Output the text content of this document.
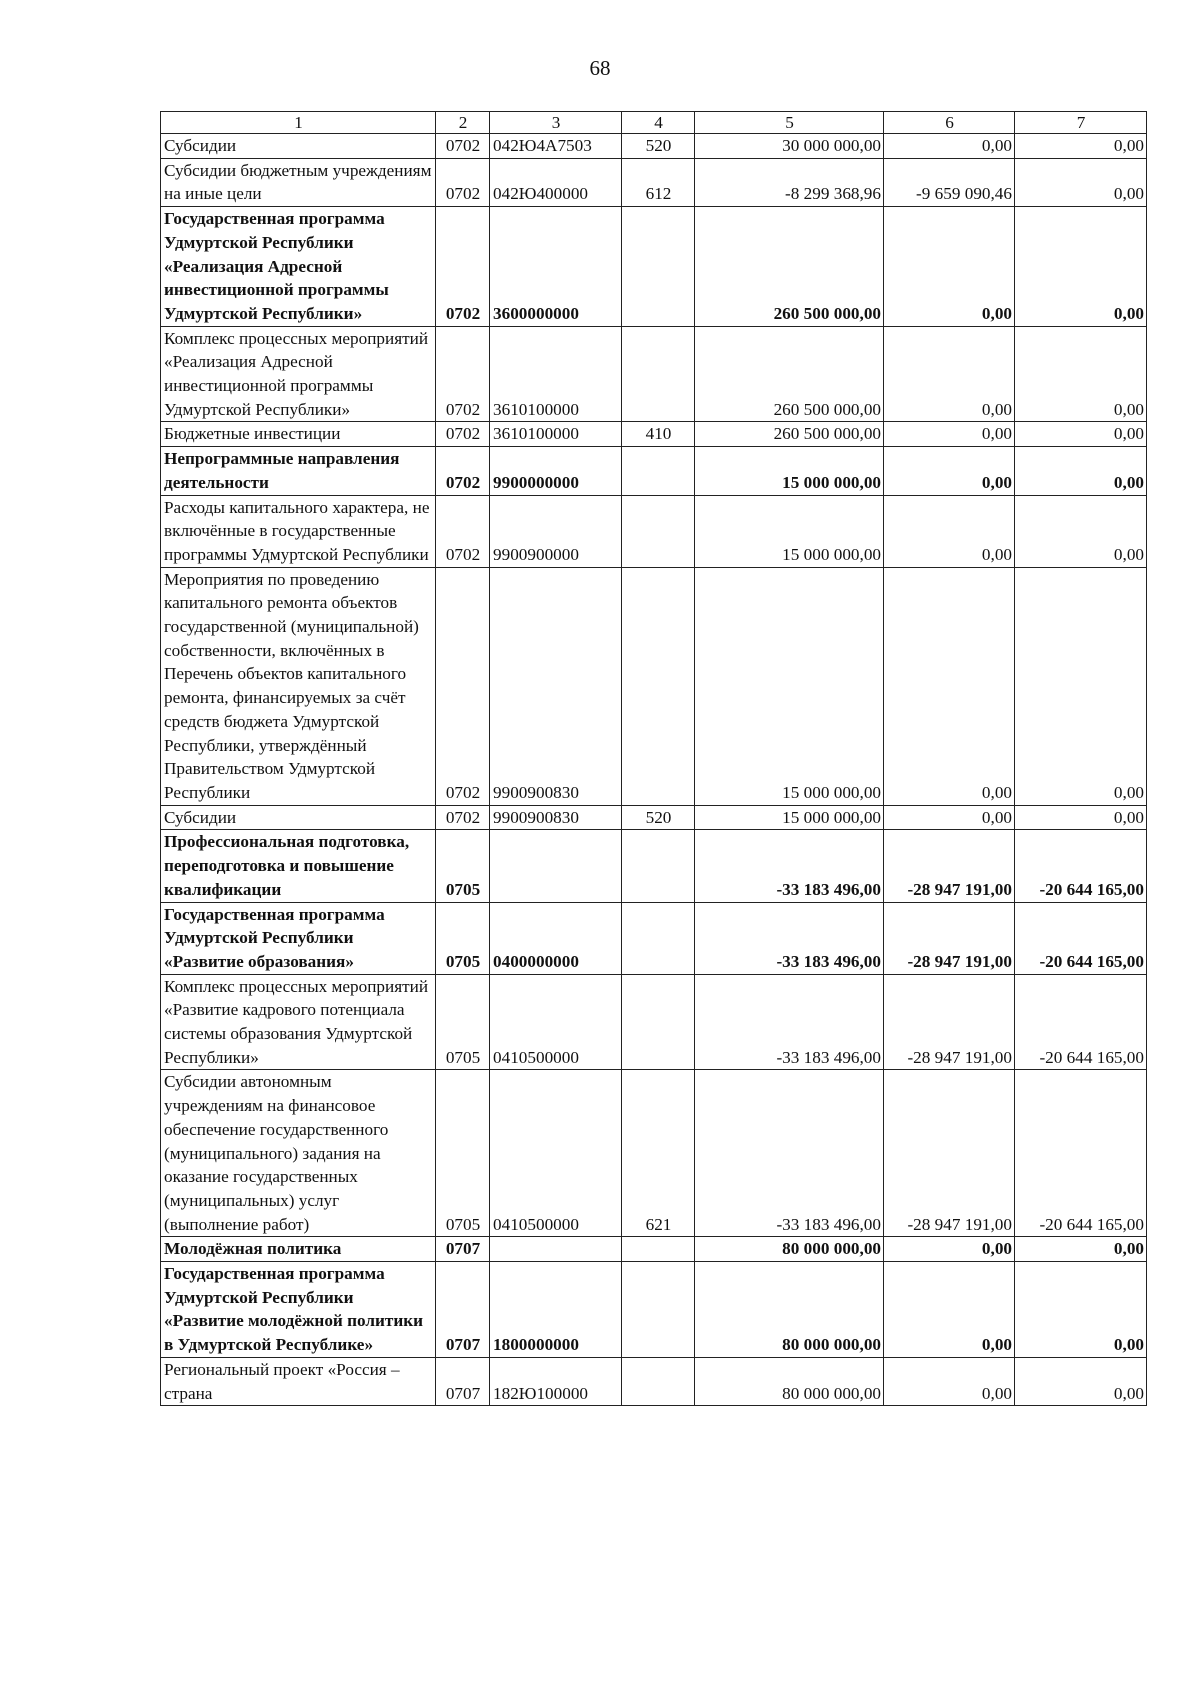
68
1	2	3	4	5	6	7
Субсидии	0702	042Ю4А7503	520	30 000 000,00	0,00	0,00
Субсидии бюджетным учреждениям на иные цели	0702	042Ю400000	612	-8 299 368,96	-9 659 090,46	0,00
Государственная программа Удмуртской Республики «Реализация Адресной инвестиционной программы Удмуртской Республики»	0702	3600000000		260 500 000,00	0,00	0,00
Комплекс процессных мероприятий «Реализация Адресной инвестиционной программы Удмуртской Республики»	0702	3610100000		260 500 000,00	0,00	0,00
Бюджетные инвестиции	0702	3610100000	410	260 500 000,00	0,00	0,00
Непрограммные направления деятельности	0702	9900000000		15 000 000,00	0,00	0,00
Расходы капитального характера, не включённые в государственные программы Удмуртской Республики	0702	9900900000		15 000 000,00	0,00	0,00
Мероприятия по проведению капитального ремонта объектов государственной (муниципальной) собственности, включённых в Перечень объектов капитального ремонта, финансируемых за счёт средств бюджета Удмуртской Республики, утверждённый Правительством Удмуртской Республики	0702	9900900830		15 000 000,00	0,00	0,00
Субсидии	0702	9900900830	520	15 000 000,00	0,00	0,00
Профессиональная подготовка, переподготовка и повышение квалификации	0705			-33 183 496,00	-28 947 191,00	-20 644 165,00
Государственная программа Удмуртской Республики «Развитие образования»	0705	0400000000		-33 183 496,00	-28 947 191,00	-20 644 165,00
Комплекс процессных мероприятий «Развитие кадрового потенциала системы образования Удмуртской Республики»	0705	0410500000		-33 183 496,00	-28 947 191,00	-20 644 165,00
Субсидии автономным учреждениям на финансовое обеспечение государственного (муниципального) задания на оказание государственных (муниципальных) услуг (выполнение работ)	0705	0410500000	621	-33 183 496,00	-28 947 191,00	-20 644 165,00
Молодёжная политика	0707			80 000 000,00	0,00	0,00
Государственная программа Удмуртской Республики «Развитие молодёжной политики в Удмуртской Республике»	0707	1800000000		80 000 000,00	0,00	0,00
Региональный проект «Россия – страна	0707	182Ю100000		80 000 000,00	0,00	0,00
